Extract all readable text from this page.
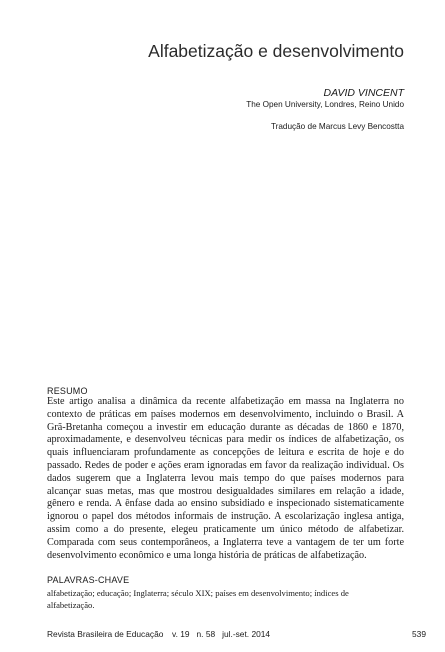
Alfabetização e desenvolvimento
DAVID VINCENT
The Open University, Londres, Reino Unido
Tradução de Marcus Levy Bencostta
RESUMO

Este artigo analisa a dinâmica da recente alfabetização em massa na Inglaterra no contexto de práticas em países modernos em desenvolvimento, incluindo o Brasil. A Grã-Bretanha começou a investir em educação durante as décadas de 1860 e 1870, aproximadamente, e desenvolveu técnicas para medir os índices de alfabetização, os quais influenciaram profundamente as concepções de leitura e escrita de hoje e do passado. Redes de poder e ações eram ignoradas em favor da realização individual. Os dados sugerem que a Inglaterra levou mais tempo do que países modernos para alcançar suas metas, mas que mostrou desigualdades similares em relação a idade, gênero e renda. A ênfase dada ao ensino subsidiado e inspecionado sistematicamente ignorou o papel dos métodos informais de instrução. A escolarização inglesa antiga, assim como a do presente, elegeu praticamente um único método de alfabetizar. Comparada com seus contemporâneos, a Inglaterra teve a vantagem de ter um forte desenvolvimento econômico e uma longa história de práticas de alfabetização.

PALAVRAS-CHAVE

alfabetização; educação; Inglaterra; século XIX; países em desenvolvimento; índices de alfabetização.

Revista Brasileira de Educação v. 19   n. 58   jul.-set. 2014	539
